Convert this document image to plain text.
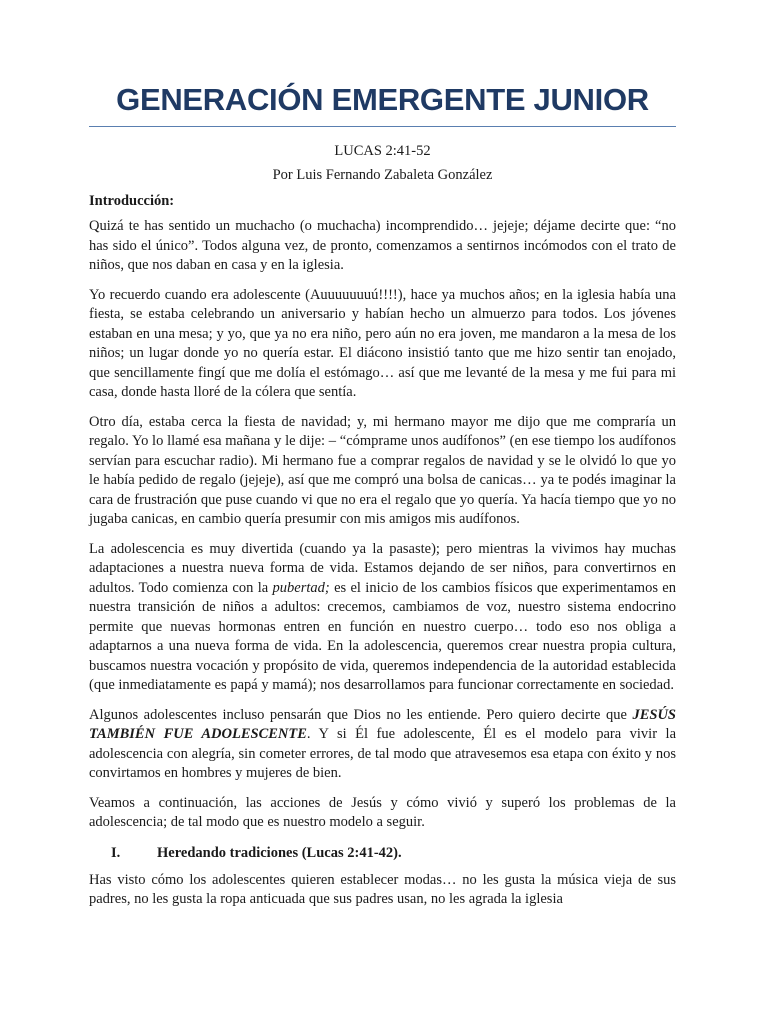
GENERACIÓN EMERGENTE JUNIOR
LUCAS 2:41-52
Por Luis Fernando Zabaleta González
Introducción:

Quizá te has sentido un muchacho (o muchacha) incomprendido… jejeje; déjame decirte que: “no has sido el único”. Todos alguna vez, de pronto, comenzamos a sentirnos incómodos con el trato de niños, que nos daban en casa y en la iglesia.

Yo recuerdo cuando era adolescente (Auuuuuuuú!!!!), hace ya muchos años; en la iglesia había una fiesta, se estaba celebrando un aniversario y habían hecho un almuerzo para todos. Los jóvenes estaban en una mesa; y yo, que ya no era niño, pero aún no era joven, me mandaron a la mesa de los niños; un lugar donde yo no quería estar. El diácono insistió tanto que me hizo sentir tan enojado, que sencillamente fingí que me dolía el estómago… así que me levanté de la mesa y me fui para mi casa, donde hasta lloré de la cólera que sentía.

Otro día, estaba cerca la fiesta de navidad; y, mi hermano mayor me dijo que me compraría un regalo. Yo lo llamé esa mañana y le dije: – “cómprame unos audífonos” (en ese tiempo los audífonos servían para escuchar radio). Mi hermano fue a comprar regalos de navidad y se le olvidó lo que yo le había pedido de regalo (jejeje), así que me compró una bolsa de canicas… ya te podés imaginar la cara de frustración que puse cuando vi que no era el regalo que yo quería. Ya hacía tiempo que yo no jugaba canicas, en cambio quería presumir con mis amigos mis audífonos.

La adolescencia es muy divertida (cuando ya la pasaste); pero mientras la vivimos hay muchas adaptaciones a nuestra nueva forma de vida. Estamos dejando de ser niños, para convertirnos en adultos. Todo comienza con la pubertad; es el inicio de los cambios físicos que experimentamos en nuestra transición de niños a adultos: crecemos, cambiamos de voz, nuestro sistema endocrino permite que nuevas hormonas entren en función en nuestro cuerpo… todo eso nos obliga a adaptarnos a una nueva forma de vida. En la adolescencia, queremos crear nuestra propia cultura, buscamos nuestra vocación y propósito de vida, queremos independencia de la autoridad establecida (que inmediatamente es papá y mamá); nos desarrollamos para funcionar correctamente en sociedad.

Algunos adolescentes incluso pensarán que Dios no les entiende. Pero quiero decirte que JESÚS TAMBIÉN FUE ADOLESCENTE. Y si Él fue adolescente, Él es el modelo para vivir la adolescencia con alegría, sin cometer errores, de tal modo que atravesemos esa etapa con éxito y nos convirtamos en hombres y mujeres de bien.

Veamos a continuación, las acciones de Jesús y cómo vivió y superó los problemas de la adolescencia; de tal modo que es nuestro modelo a seguir.

I.	Heredando tradiciones (Lucas 2:41-42).

Has visto cómo los adolescentes quieren establecer modas… no les gusta la música vieja de sus padres, no les gusta la ropa anticuada que sus padres usan, no les agrada la iglesia
